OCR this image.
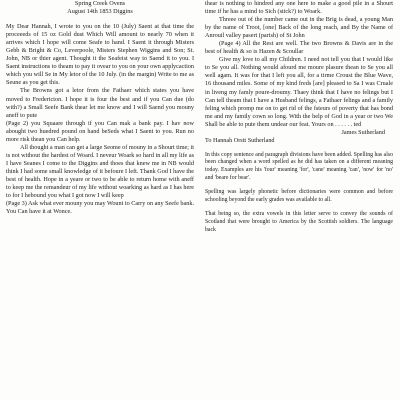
Spring Creek Ovens

August 14th 1853 Diggins

My Dear Hannah, I wrote to you on the 10 (July) Saent at that time the proceeeds of 15 oz Gold dust Which Will amount to nearly 70 when it arrives which I hope will come Seafe to hand. I Saent it through Misters Gebb & Bright & Co, Leverpoole, Misters Stephen Wiggins and Son; St. John, NB or thier agent. Thought it the Seafeist way to Saend it to you. I Saent instructions to theam to pay it ovear to you on your own applycaction which you will Se in My letor of the 10 July. (in the margin) Write to me as Seune as you get this.

The Browns got a letor from the Fathaer which states you have moved to Fredericton. I hope it is four the best and if you Can due (do with?) a Small Seefe Bank thear let me know and I will Saend you mouny aneff to pute

(Page 2) you Squaare through if you Can mak a bank pay. I hav now abought two huedred pound on hand beSeds what I Saent to you. Run no more risk thean you Can help.

All thought a man can get a large Seome of mouny in a Shourt time; it is not without the hardest of Woard. I neveur Woark so hard in all my life as I have Seanes I come to the Diggins and thoes that knew me in NB would think I had some small knowledge of it befoure I left. Thank God I have the best of health. Hope in a yeare or two to be able to return home with aneff to keep me the remandeur of my life without woarking as hard as I has here to for I hebound you what I got now I will keep

(Page 3) Ask what ever mouny you may Wount to Carry on any Seefe bank. You Can have it at Wonce.

thear is nothing to hindred any one here to make a good pile in a Shourt time if he has a mind to Sich (stick?) to Woark.

Threee out of the number came out in the Brig is dead, a young Man by the name of Troot, [one] Back of the long reach, and By the Name of Anrouil valley pasert (parish) of St John

(Page 4) All the Rest are well. The two Browns & Davis are in the best of health & so is Hazen & Scoullar

Give my love to all my Children. I need not tell you that I would like to Se you all. Nothing would afourd me moure plasure thean to Se you all well agam. It was for that I left you all, for a tirme Croust the Blue Wave, 16 thousand miles. Some of my kind freds [are] pleased to Sa I was Cruale in liveng my famly poure-droumy. Thaey think that I have no felings but I Can tell theam that I have a Husband felings, a Fathaer felings and a family feling which promp me on to get rid of the fsteurs of poverty that has bond me and my family cown so long. With the help of God in a year or two We Shall be able to pute them undear our feat. Yours on . . . . . . ted

James Sutherland

To Hannah Orstt Sutherland

In this copy sentence and paragraph divisions have been added. Spelling has also been changed when a word spelled as he did has taken on a different meaning today. Examples are his 'four' meaning 'for', 'cane' meaning 'can', 'now' for 'no' and 'beare for bear'.

Spelling was largely phonetic before dictionaries were common and before schooling beyond the early grades was available to all.

That being so, the extra vowels in this letter serve to convey the sounds of Scotland that were brought to America by the Scottish soldiers. The language back
